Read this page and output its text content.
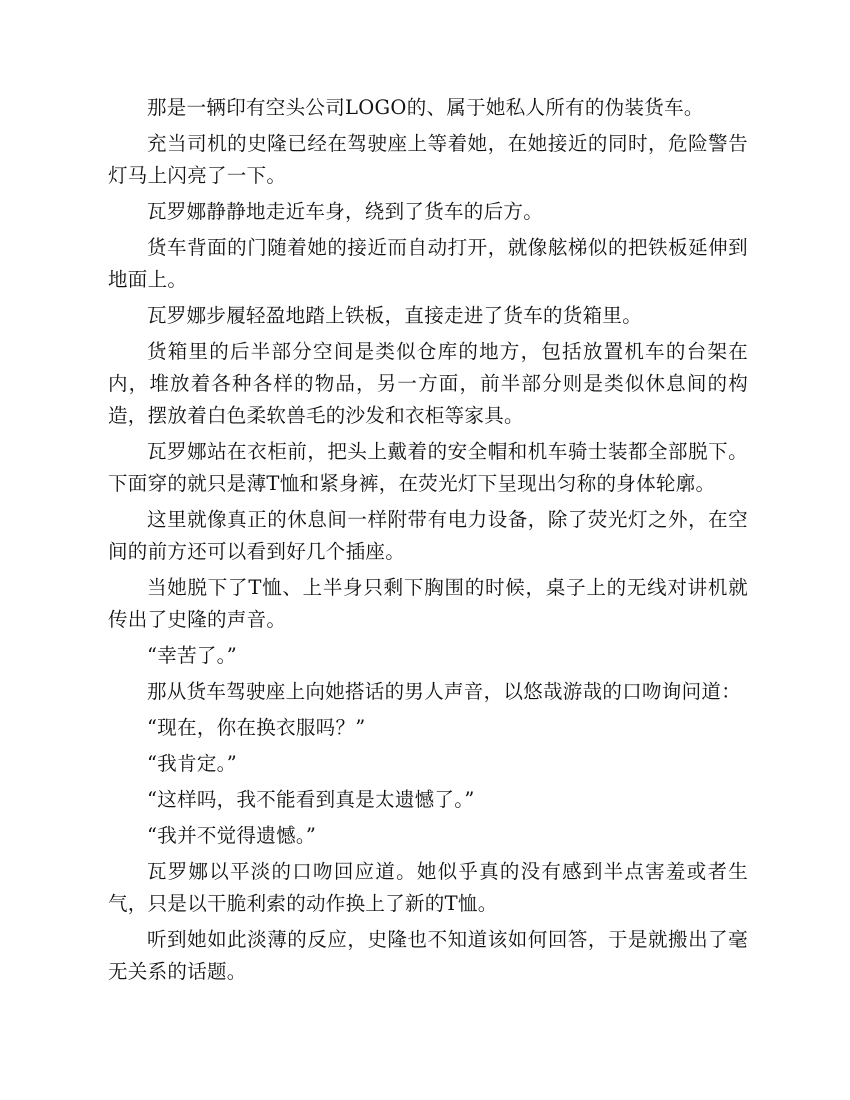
那是一辆印有空头公司LOGO的、属于她私人所有的伪装货车。

充当司机的史隆已经在驾驶座上等着她，在她接近的同时，危险警告灯马上闪亮了一下。

瓦罗娜静静地走近车身，绕到了货车的后方。

货车背面的门随着她的接近而自动打开，就像舷梯似的把铁板延伸到地面上。

瓦罗娜步履轻盈地踏上铁板，直接走进了货车的货箱里。

货箱里的后半部分空间是类似仓库的地方，包括放置机车的台架在内，堆放着各种各样的物品，另一方面，前半部分则是类似休息间的构造，摆放着白色柔软兽毛的沙发和衣柜等家具。

瓦罗娜站在衣柜前，把头上戴着的安全帽和机车骑士装都全部脱下。下面穿的就只是薄T恤和紧身裤，在荧光灯下呈现出匀称的身体轮廓。

这里就像真正的休息间一样附带有电力设备，除了荧光灯之外，在空间的前方还可以看到好几个插座。

当她脱下了T恤、上半身只剩下胸围的时候，桌子上的无线对讲机就传出了史隆的声音。

“幸苦了。”

那从货车驾驶座上向她搭话的男人声音，以悠哉游哉的口吻询问道：

“现在，你在换衣服吗？”

“我肯定。”

“这样吗，我不能看到真是太遗憾了。”

“我并不觉得遗憾。”

瓦罗娜以平淡的口吻回应道。她似乎真的没有感到半点害羞或者生气，只是以干脆利索的动作换上了新的T恤。

听到她如此淡薄的反应，史隆也不知道该如何回答，于是就搬出了毫无关系的话题。
